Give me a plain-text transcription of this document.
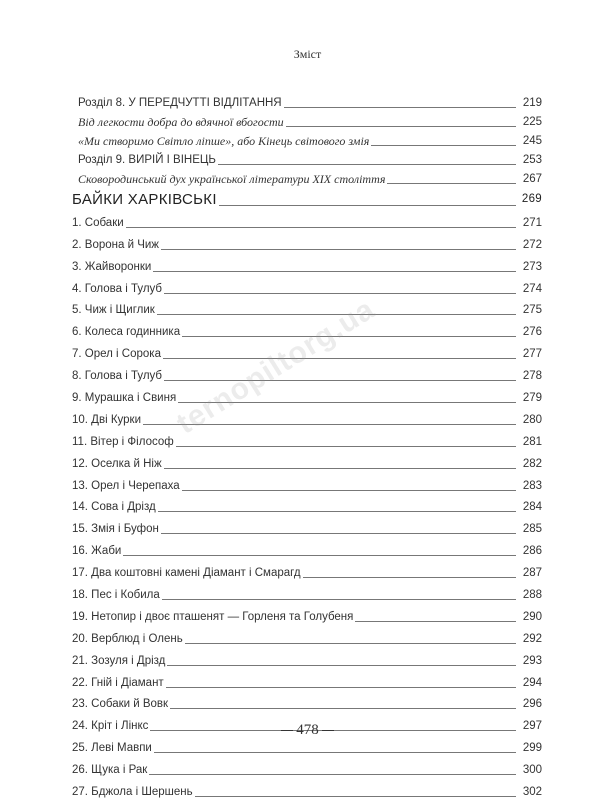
Зміст
Розділ 8. У ПЕРЕДЧУТТІ ВІДЛІТАННЯ	219
Від легкости добра до вдячної вбогости	225
«Ми створимо Світло ліпше», або Кінець світового змія	245
Розділ 9. ВИРІЙ І ВІНЕЦЬ	253
Сковородинський дух української літератури XIX століття	267
БАЙКИ ХАРКІВСЬКІ	269
1. Собаки	271
2. Ворона й Чиж	272
3. Жайворонки	273
4. Голова і Тулуб	274
5. Чиж і Щиглик	275
6. Колеса годинника	276
7. Орел і Сорока	277
8. Голова і Тулуб	278
9. Мурашка і Свиня	279
10. Дві Курки	280
11. Вітер і Філософ	281
12. Оселка й Ніж	282
13. Орел і Черепаха	283
14. Сова і Дрізд	284
15. Змія і Буфон	285
16. Жаби	286
17. Два коштовні камені Діамант і Смарагд	287
18. Пес і Кобила	288
19. Нетопир і двоє пташенят — Горленя та Голубеня	290
20. Верблюд і Олень	292
21. Зозуля і Дрізд	293
22. Гній і Діамант	294
23. Собаки й Вовк	296
24. Кріт і Лінкс	297
25. Леві Мавпи	299
26. Щука і Рак	300
27. Бджола і Шершень	302
ternopiltorg.ua
478
